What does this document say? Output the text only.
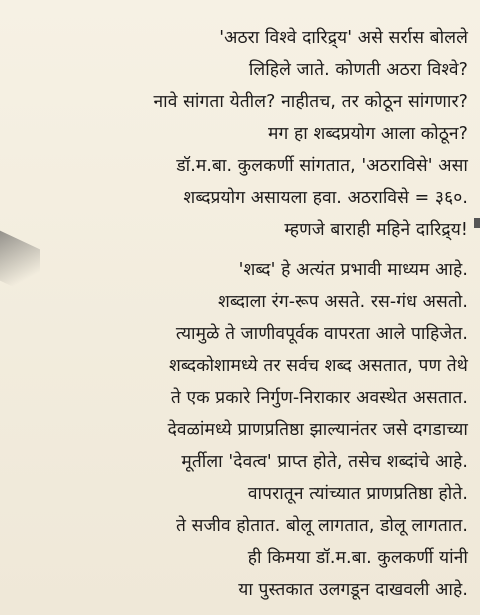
'अठरा विश्वे दारिद्र्य' असे सर्रास बोलले
लिहिले जाते. कोणती अठरा विश्वे?
नावे सांगता येतील? नाहीतच, तर कोठून सांगणार?
मग हा शब्दप्रयोग आला कोठून?
डॉ.म.बा. कुलकर्णी सांगतात, 'अठराविसे' असा
शब्दप्रयोग असायला हवा. अठराविसे = ३६०.
म्हणजे बाराही महिने दारिद्र्य!
'शब्द' हे अत्यंत प्रभावी माध्यम आहे.
शब्दाला रंग-रूप असते. रस-गंध असतो.
त्यामुळे ते जाणीवपूर्वक वापरता आले पाहिजेत.
शब्दकोशामध्ये तर सर्वच शब्द असतात, पण तेथे
ते एक प्रकारे निर्गुण-निराकार अवस्थेत असतात.
देवळांमध्ये प्राणप्रतिष्ठा झाल्यानंतर जसे दगडाच्या
मूर्तीला 'देवत्व' प्राप्त होते, तसेच शब्दांचे आहे.
वापरातून त्यांच्यात प्राणप्रतिष्ठा होते.
ते सजीव होतात. बोलू लागतात, डोलू लागतात.
ही किमया डॉ.म.बा. कुलकर्णी यांनी
या पुस्तकात उलगडून दाखवली आहे.
